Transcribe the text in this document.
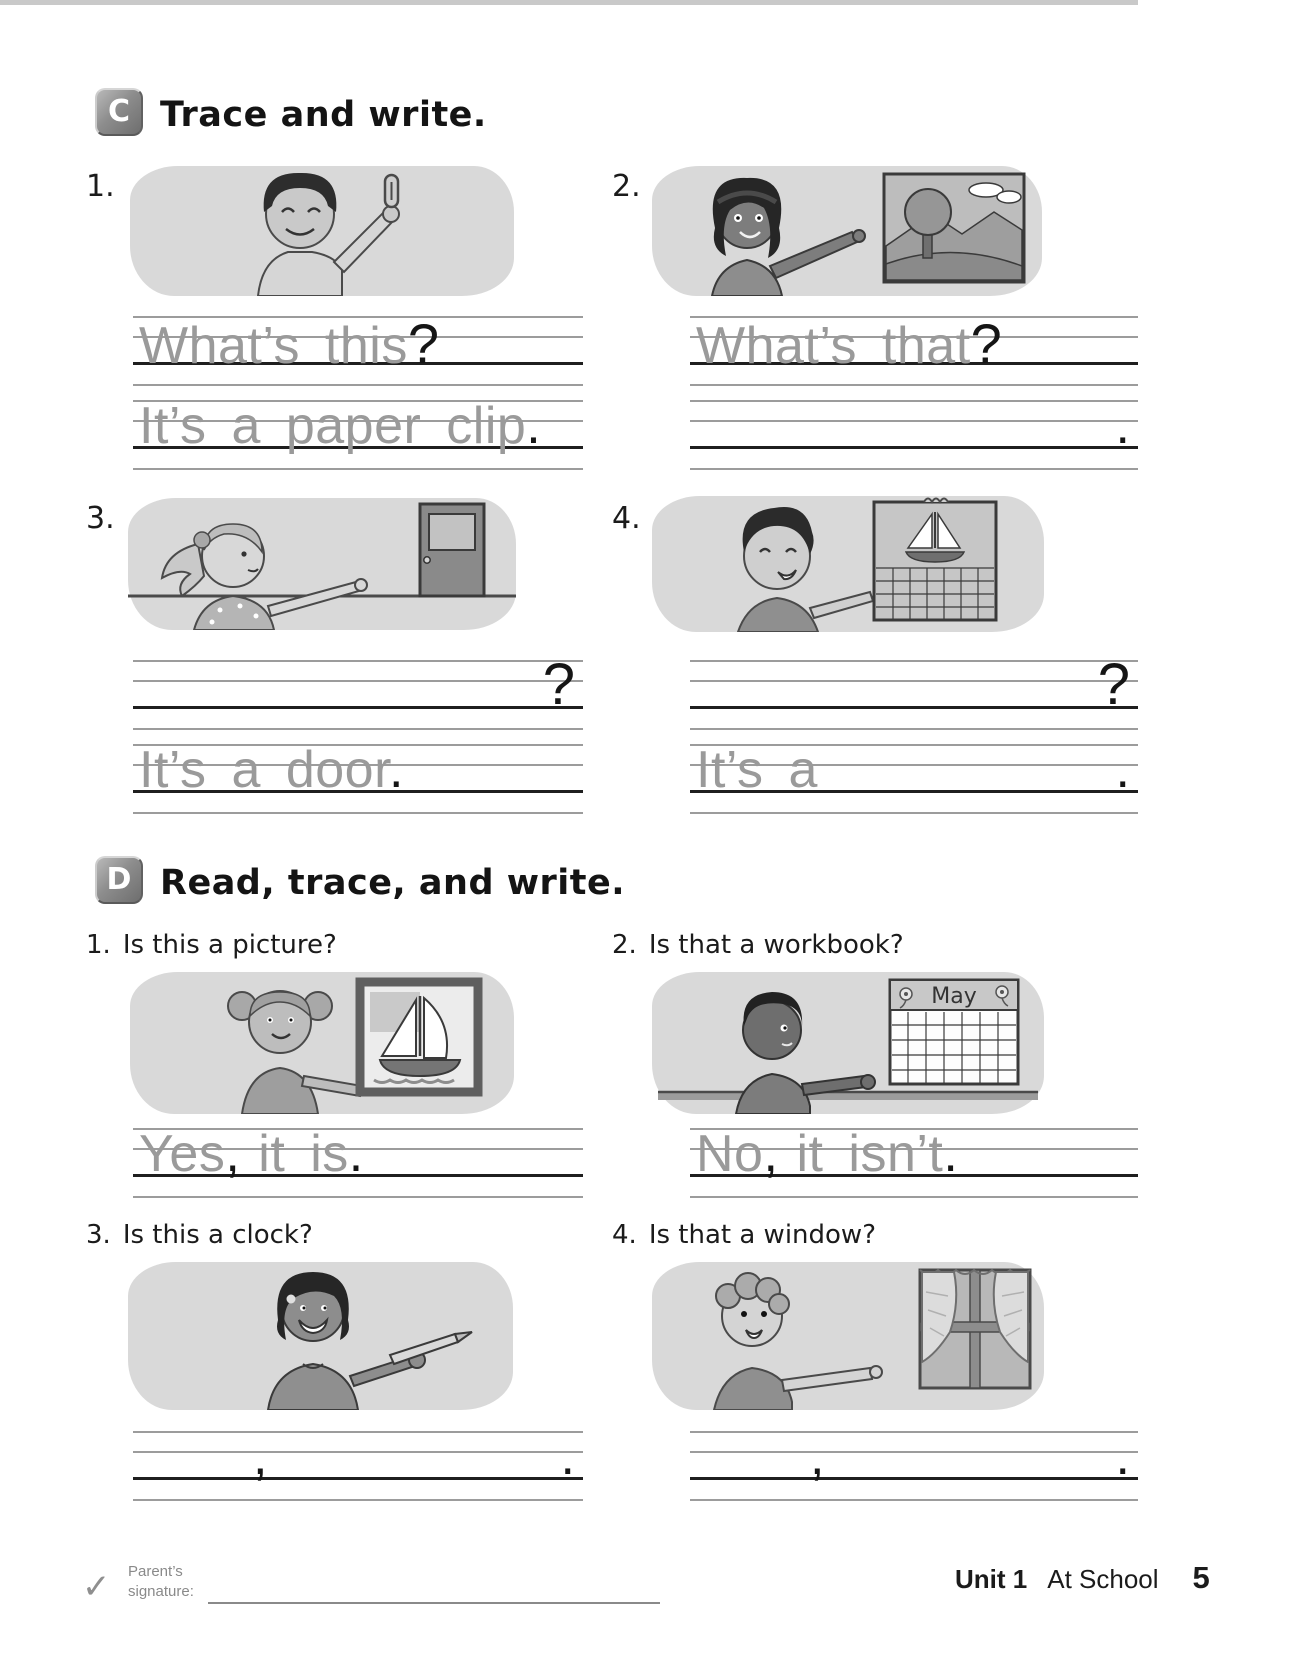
C Trace and write.
1.
What’s this?
It’s a paper clip.
2.
What’s that?
.
3.
?
It’s a door.
4.
?
It’s a	.
D Read, trace, and write.
1. Is this a picture?
Yes, it is.
2. Is that a workbook?
May
No, it isn’t.
3. Is this a clock?
,	.
4. Is that a window?
,	.
✓ Parent’s
signature:	Unit 1 At School 5
